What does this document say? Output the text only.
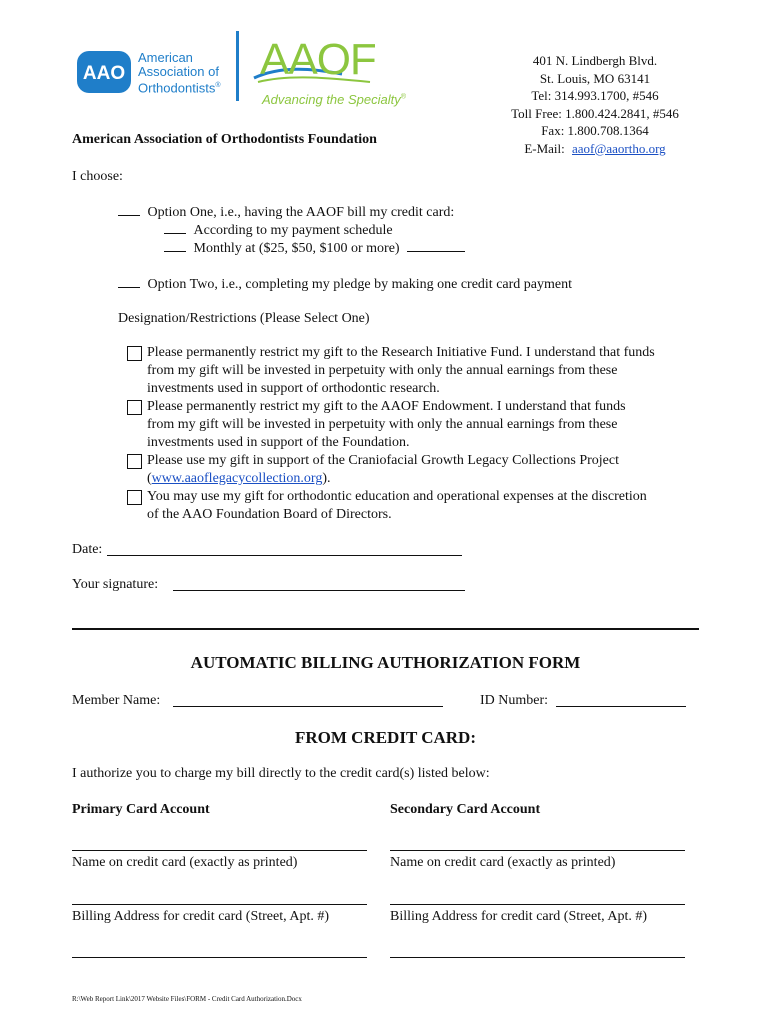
AAO
American
Association of
Orthodontists®
AAOF
Advancing the Specialty®
American Association of Orthodontists Foundation
401 N. Lindbergh Blvd.
St. Louis, MO 63141
Tel: 314.993.1700, #546
Toll Free: 1.800.424.2841, #546
Fax: 1.800.708.1364
E-Mail: aaof@aaortho.org
I choose:
Option One, i.e., having the AAOF bill my credit card:
According to my payment schedule
Monthly at ($25, $50, $100 or more)
Option Two, i.e., completing my pledge by making one credit card payment
Designation/Restrictions (Please Select One)
Please permanently restrict my gift to the Research Initiative Fund. I understand that funds
from my gift will be invested in perpetuity with only the annual earnings from these
investments used in support of orthodontic research.
Please permanently restrict my gift to the AAOF Endowment. I understand that funds
from my gift will be invested in perpetuity with only the annual earnings from these
investments used in support of the Foundation.
Please use my gift in support of the Craniofacial Growth Legacy Collections Project
(www.aaoflegacycollection.org).
You may use my gift for orthodontic education and operational expenses at the discretion
of the AAO Foundation Board of Directors.
Date:
Your signature:
AUTOMATIC BILLING AUTHORIZATION FORM
Member Name:	ID Number:
FROM CREDIT CARD:
I authorize you to charge my bill directly to the credit card(s) listed below:
Primary Card Account	Secondary Card Account
Name on credit card (exactly as printed)	Name on credit card (exactly as printed)
Billing Address for credit card (Street, Apt. #)	Billing Address for credit card (Street, Apt. #)
R:\Web Report Link\2017 Website Files\FORM - Credit Card Authorization.Docx
